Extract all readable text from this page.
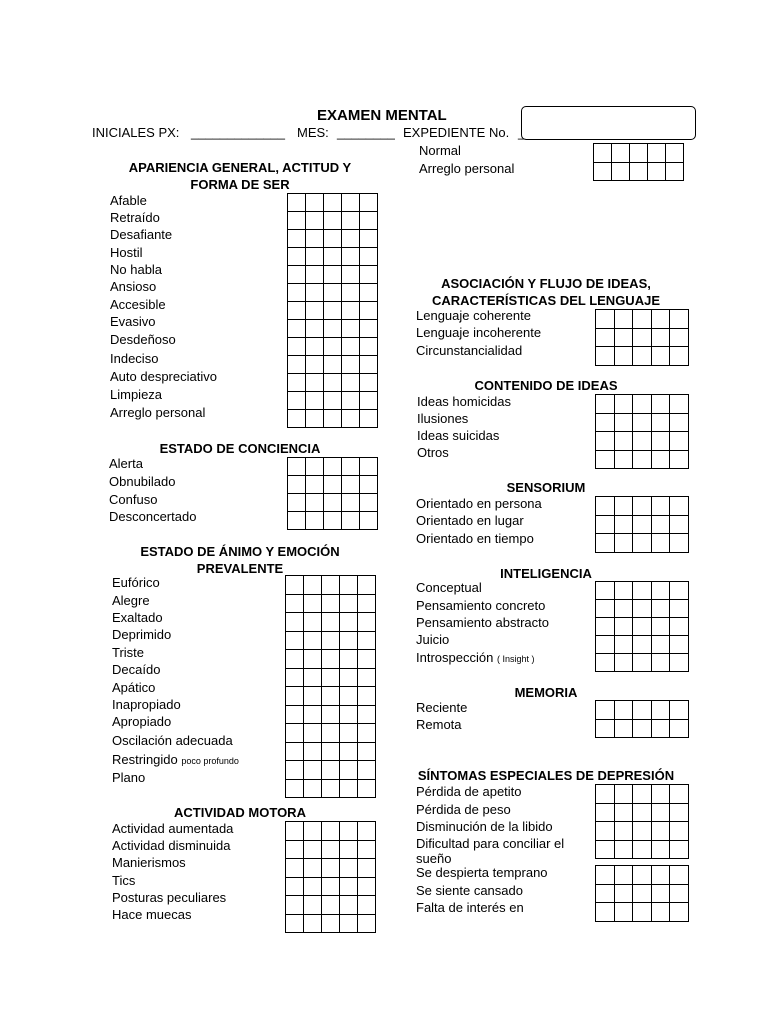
EXAMEN MENTAL
INICIALES PX: _____________ MES: ________ EXPEDIENTE No. _
APARIENCIA GENERAL, ACTITUD Y
FORMA DE SER
Afable
Retraído
Desafiante
Hostil
No habla
Ansioso
Accesible
Evasivo
Desdeñoso
Indeciso
Auto despreciativo
Limpieza
Arreglo personal

ESTADO DE CONCIENCIA
Alerta
Obnubilado
Confuso
Desconcertado

ESTADO DE ÁNIMO Y EMOCIÓN
PREVALENTE
Eufórico
Alegre
Exaltado
Deprimido
Triste
Decaído
Apático
Inapropiado
Apropiado
Oscilación adecuada
Restringido poco profundo
Plano

ACTIVIDAD MOTORA
Actividad aumentada
Actividad disminuida
Manierismos
Tics
Posturas peculiares
Hace muecas

Normal
Arreglo personal

ASOCIACIÓN Y FLUJO DE IDEAS,
CARACTERÍSTICAS DEL LENGUAJE
Lenguaje coherente
Lenguaje incoherente
Circunstancialidad

CONTENIDO DE IDEAS
Ideas homicidas
Ilusiones
Ideas suicidas
Otros

SENSORIUM
Orientado en persona
Orientado en lugar
Orientado en tiempo

INTELIGENCIA
Conceptual
Pensamiento concreto
Pensamiento abstracto
Juicio
Introspección ( Insight )

MEMORIA
Reciente
Remota

SÍNTOMAS ESPECIALES DE DEPRESIÓN
Pérdida de apetito
Pérdida de peso
Disminución de la libido
Dificultad para conciliar el
sueño
Se despierta temprano
Se siente cansado
Falta de interés en
